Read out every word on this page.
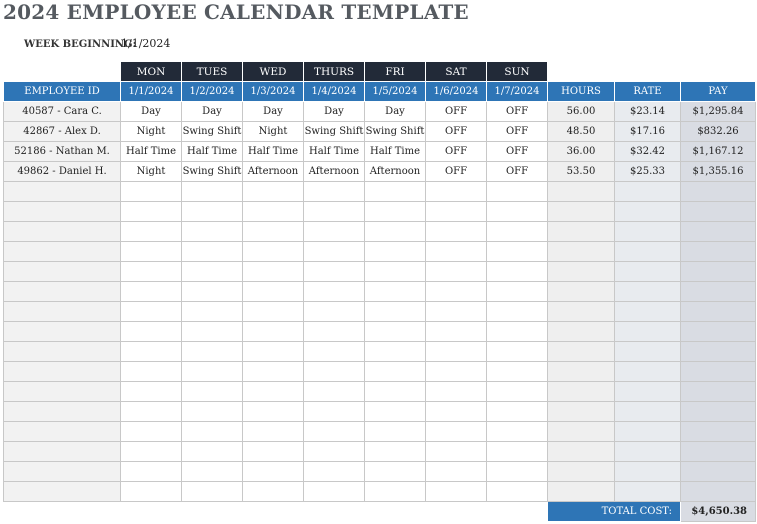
2024 EMPLOYEE CALENDAR TEMPLATE
WEEK BEGINNING:
1/1/2024
	MON	TUES	WED	THURS	FRI	SAT	SUN			
EMPLOYEE ID	1/1/2024	1/2/2024	1/3/2024	1/4/2024	1/5/2024	1/6/2024	1/7/2024	HOURS	RATE	PAY
40587 - Cara C.	Day	Day	Day	Day	Day	OFF	OFF	56.00	$23.14	$1,295.84
42867 - Alex D.	Night	Swing Shift	Night	Swing Shift	Swing Shift	OFF	OFF	48.50	$17.16	$832.26
52186 - Nathan M.	Half Time	Half Time	Half Time	Half Time	Half Time	OFF	OFF	36.00	$32.42	$1,167.12
49862 - Daniel H.	Night	Swing Shift	Afternoon	Afternoon	Afternoon	OFF	OFF	53.50	$25.33	$1,355.16

								TOTAL COST:		$4,650.38
